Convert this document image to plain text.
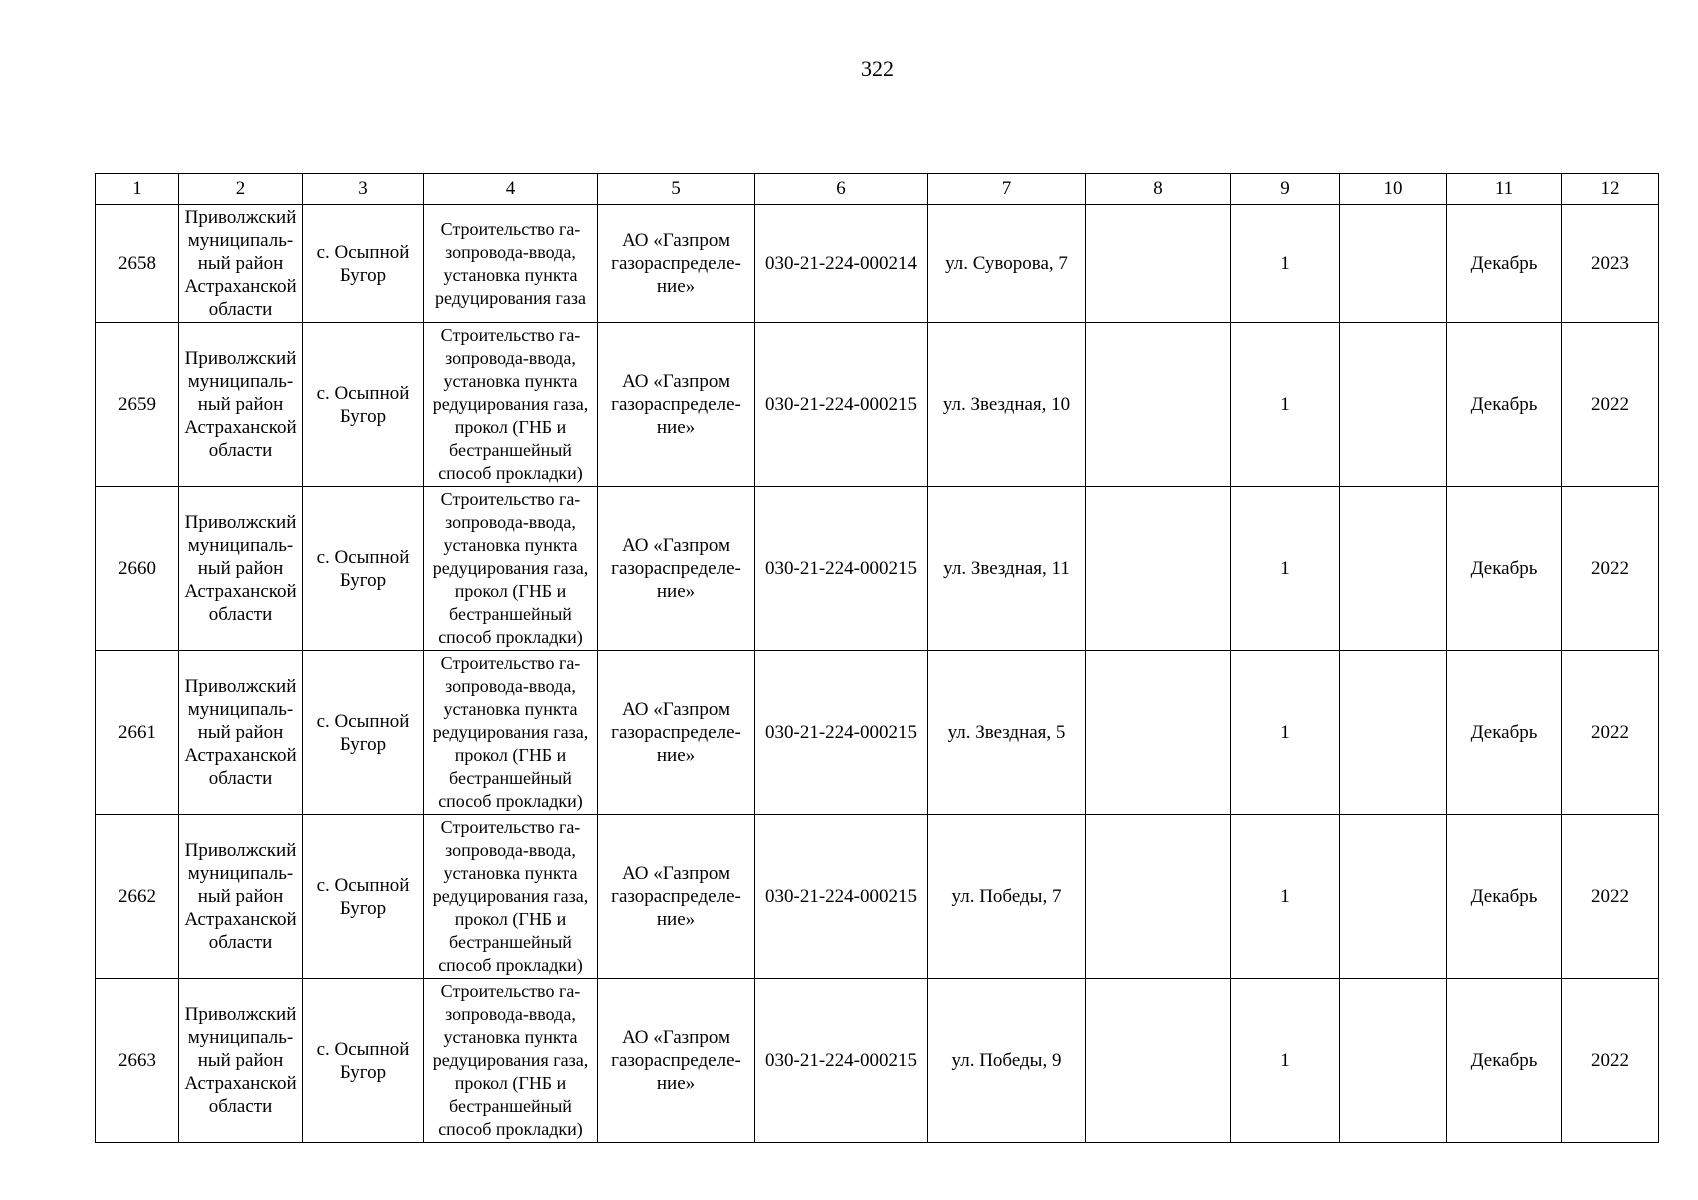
322
1	2	3	4	5	6	7	8	9	10	11	12
2658	Приволжский муниципаль-ный район Астраханской области	с. Осыпной Бугор	Строительство га-зопровода-ввода, установка пункта редуцирования газа	АО «Газпром газораспределе-ние»	030-21-224-000214	ул. Суворова, 7		1		Декабрь	2023
2659	Приволжский муниципаль-ный район Астраханской области	с. Осыпной Бугор	Строительство га-зопровода-ввода, установка пункта редуцирования газа, прокол (ГНБ и бестраншейный способ прокладки)	АО «Газпром газораспределе-ние»	030-21-224-000215	ул. Звездная, 10		1		Декабрь	2022
2660	Приволжский муниципаль-ный район Астраханской области	с. Осыпной Бугор	Строительство га-зопровода-ввода, установка пункта редуцирования газа, прокол (ГНБ и бестраншейный способ прокладки)	АО «Газпром газораспределе-ние»	030-21-224-000215	ул. Звездная, 11		1		Декабрь	2022
2661	Приволжский муниципаль-ный район Астраханской области	с. Осыпной Бугор	Строительство га-зопровода-ввода, установка пункта редуцирования газа, прокол (ГНБ и бестраншейный способ прокладки)	АО «Газпром газораспределе-ние»	030-21-224-000215	ул. Звездная, 5		1		Декабрь	2022
2662	Приволжский муниципаль-ный район Астраханской области	с. Осыпной Бугор	Строительство га-зопровода-ввода, установка пункта редуцирования газа, прокол (ГНБ и бестраншейный способ прокладки)	АО «Газпром газораспределе-ние»	030-21-224-000215	ул. Победы, 7		1		Декабрь	2022
2663	Приволжский муниципаль-ный район Астраханской области	с. Осыпной Бугор	Строительство га-зопровода-ввода, установка пункта редуцирования газа, прокол (ГНБ и бестраншейный способ прокладки)	АО «Газпром газораспределе-ние»	030-21-224-000215	ул. Победы, 9		1		Декабрь	2022
